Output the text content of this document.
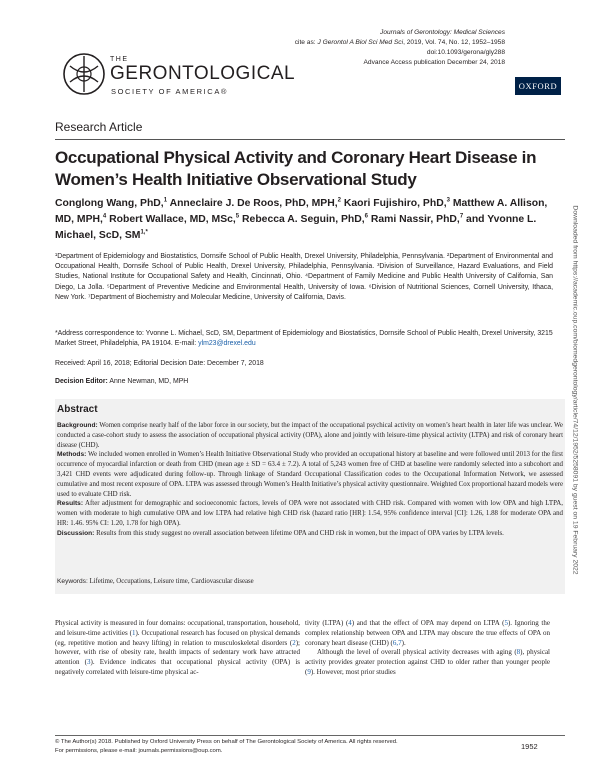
THE
GERONTOLOGICAL
SOCIETY OF AMERICA®
Journals of Gerontology: Medical Sciences
cite as: J Gerontol A Biol Sci Med Sci, 2019, Vol. 74, No. 12, 1952–1958
doi:10.1093/gerona/gly288
Advance Access publication December 24, 2018
OXFORD
Research Article
Occupational Physical Activity and Coronary Heart Disease in Women’s Health Initiative Observational Study
Conglong Wang, PhD,$^1$ Anneclaire J. De Roos, PhD, MPH,$^2$ Kaori Fujishiro, PhD,$^3$ Matthew A. Allison, MD, MPH,$^4$ Robert Wallace, MD, MSc,$^5$ Rebecca A. Seguin, PhD,$^6$ Rami Nassir, PhD,$^7$ and Yvonne L. Michael, ScD, $SM^{1,*}$
¹Department of Epidemiology and Biostatistics, Dornsife School of Public Health, Drexel University, Philadelphia, Pennsylvania. ²Department of Environmental and Occupational Health, Dornsife School of Public Health, Drexel University, Philadelphia, Pennsylvania. ³Division of Surveillance, Hazard Evaluations, and Field Studies, National Institute for Occupational Safety and Health, Cincinnati, Ohio. ⁴Department of Family Medicine and Public Health University of California, San Diego, La Jolla. ⁵Department of Preventive Medicine and Environmental Health, University of Iowa. ⁶Division of Nutritional Sciences, Cornell University, Ithaca, New York. ⁷Department of Biochemistry and Molecular Medicine, University of California, Davis.
*Address correspondence to: Yvonne L. Michael, ScD, SM, Department of Epidemiology and Biostatistics, Dornsife School of Public Health, Drexel University, 3215 Market Street, Philadelphia, PA 19104. E-mail: ylm23@drexel.edu
Received: April 16, 2018; Editorial Decision Date: December 7, 2018
Decision Editor: Anne Newman, MD, MPH
Abstract

Background: Women comprise nearly half of the labor force in our society, but the impact of the occupational psychical activity on women’s heart health in later life was unclear. We conducted a case-cohort study to assess the association of occupational physical activity (OPA), alone and jointly with leisure-time physical activity (LTPA) and risk of coronary heart disease (CHD).

Methods: We included women enrolled in Women’s Health Initiative Observational Study who provided an occupational history at baseline and were followed until 2013 for the first occurrence of myocardial infarction or death from CHD (mean age ± SD = 63.4 ± 7.2). A total of 5,243 women free of CHD at baseline were randomly selected into a subcohort and 3,421 CHD events were adjudicated during follow-up. Through linkage of Standard Occupational Classification codes to the Occupational Information Network, we assessed cumulative and most recent exposure of OPA. LTPA was assessed through Women’s Health Initiative’s physical activity questionnaire. Weighted Cox proportional hazard models were used to evaluate CHD risk.

Results: After adjustment for demographic and socioeconomic factors, levels of OPA were not associated with CHD risk. Compared with women with low OPA and high LTPA, women with moderate to high cumulative OPA and low LTPA had relative high CHD risk (hazard ratio [HR]: 1.54, 95% confidence interval [CI]: 1.26, 1.88 for moderate OPA and HR: 1.46. 95% CI: 1.20, 1.78 for high OPA).

Discussion: Results from this study suggest no overall association between lifetime OPA and CHD risk in women, but the impact of OPA varies by LTPA levels.

Keywords: Lifetime, Occupations, Leisure time, Cardiovascular disease
Physical activity is measured in four domains: occupational, transportation, household, and leisure-time activities (1). Occupational research has focused on physical demands (eg, repetitive motion and heavy lifting) in relation to musculoskeletal disorders (2); however, with rise of obesity rate, health impacts of sedentary work have attracted attention (3). Evidence indicates that occupational physical activity (OPA) is negatively correlated with leisure-time physical ac-
tivity (LTPA) (4) and that the effect of OPA may depend on LTPA (5). Ignoring the complex relationship between OPA and LTPA may obscure the true effects of OPA on coronary heart disease (CHD) (6,7).
Although the level of overall physical activity decreases with aging (8), physical activity provides greater protection against CHD to older rather than younger people (9). However, most prior studies
© The Author(s) 2018. Published by Oxford University Press on behalf of The Gerontological Society of America. All rights reserved.
For permissions, please e-mail: journals.permissions@oup.com.
1952
Downloaded from https://academic.oup.com/biomedgerontology/article/74/12/1952/5258091 by guest on 19 February 2022
